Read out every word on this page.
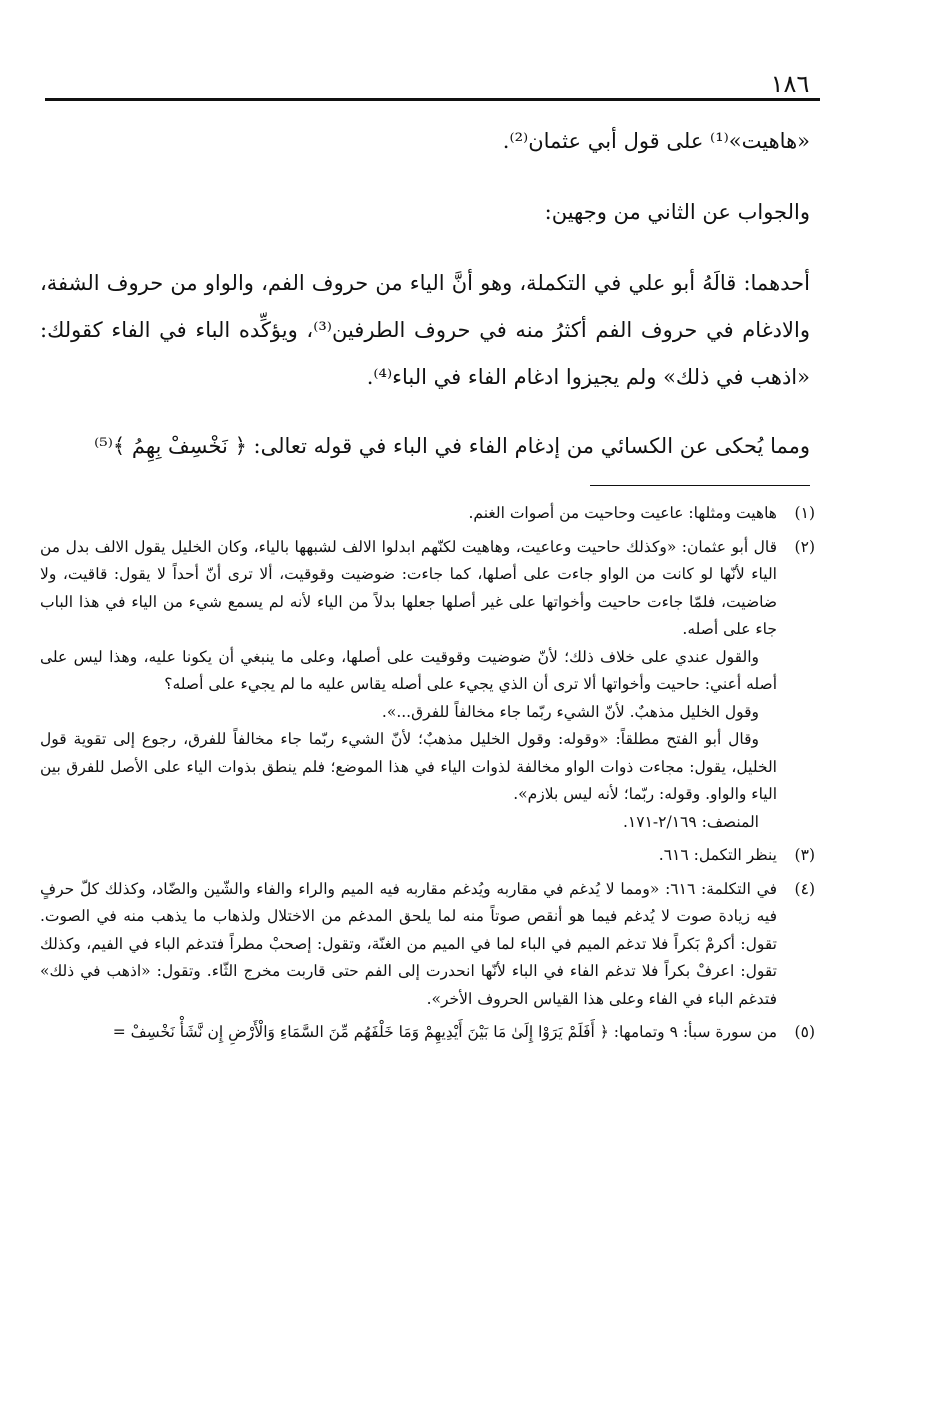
١٨٦

«هاهيت»⁽¹⁾ على قول أبي عثمان⁽²⁾.

والجواب عن الثاني من وجهين:

أحدهما: قالَهُ أبو علي في التكملة، وهو أنَّ الياء من حروف الفم، والواو من حروف الشفة، والادغام في حروف الفم أكثرُ منه في حروف الطرفين⁽³⁾، ويؤكِّده الباء في الفاء كقولك: «اذهب في ذلك» ولم يجيزوا ادغام الفاء في الباء⁽⁴⁾.

ومما يُحكى عن الكسائي من إدغام الفاء في الباء في قوله تعالى: ﴿ نَخْسِفْ بِهِمُ ﴾⁽⁵⁾

(١)

هاهيت ومثلها: عاعيت وحاحيت من أصوات الغنم.

(٢)

قال أبو عثمان: «وكذلك حاحيت وعاعيت، وهاهيت لكنّهم ابدلوا الالف لشبهها بالياء، وكان الخليل يقول الالف بدل من الياء لأنّها لو كانت من الواو جاءت على أصلها، كما جاءت: ضوضيت وقوقيت، ألا ترى أنّ أحداً لا يقول: قاقيت، ولا ضاضيت، فلمّا جاءت حاحيت وأخواتها على غير أصلها جعلها بدلاً من الياء لأنه لم يسمع شيء من الياء في هذا الباب جاء على أصله.

والقول عندي على خلاف ذلك؛ لأنّ ضوضيت وقوقيت على أصلها، وعلى ما ينبغي أن يكونا عليه، وهذا ليس على أصله أعني: حاحيت وأخواتها ألا ترى أن الذي يجيء على أصله يقاس عليه ما لم يجيء على أصله؟

وقول الخليل مذهبٌ. لأنّ الشيء ربّما جاء مخالفاً للفرق...».

وقال أبو الفتح مطلقاً: «وقوله: وقول الخليل مذهبٌ؛ لأنّ الشيء ربّما جاء مخالفاً للفرق، رجوع إلى تقوية قول الخليل، يقول: مجاءت ذوات الواو مخالفة لذوات الياء في هذا الموضع؛ فلم ينطق بذوات الياء على الأصل للفرق بين الياء والواو. وقوله: ربّما؛ لأنه ليس بلازم».

المنصف: ٢/١٦٩-١٧١.

(٣)

ينظر التكمل: ٦١٦.

(٤)

في التكلمة: ٦١٦: «ومما لا يُدغم في مقاربه ويُدغم مقاربه فيه الميم والراء والفاء والشّين والضّاد، وكذلك كلّ حرفٍ فيه زيادة صوت لا يُدغم فيما هو أنقص صوتاً منه لما يلحق المدغم من الاختلال ولذهاب ما يذهب منه في الصوت. تقول: أكرمْ بَكراً فلا تدغم الميم في الباء لما في الميم من الغنّة، وتقول: إصحبْ مطراً فتدغم الباء في الفيم، وكذلك تقول: اعرفْ بكراً فلا تدغم الفاء في الباء لأنّها انحدرت إلى الفم حتى قاربت مخرج الثّاء. وتقول: «اذهب في ذلك» فتدغم الباء في الفاء وعلى هذا القياس الحروف الأخر».

(٥)

من سورة سبأ: ٩ وتمامها: ﴿ أَفَلَمْ يَرَوْا إِلَىٰ مَا بَيْنَ أَيْدِيهِمْ وَمَا خَلْفَهُم مِّنَ السَّمَاءِ وَالْأَرْضِ إِن نَّشَأْ نَخْسِفْ =
